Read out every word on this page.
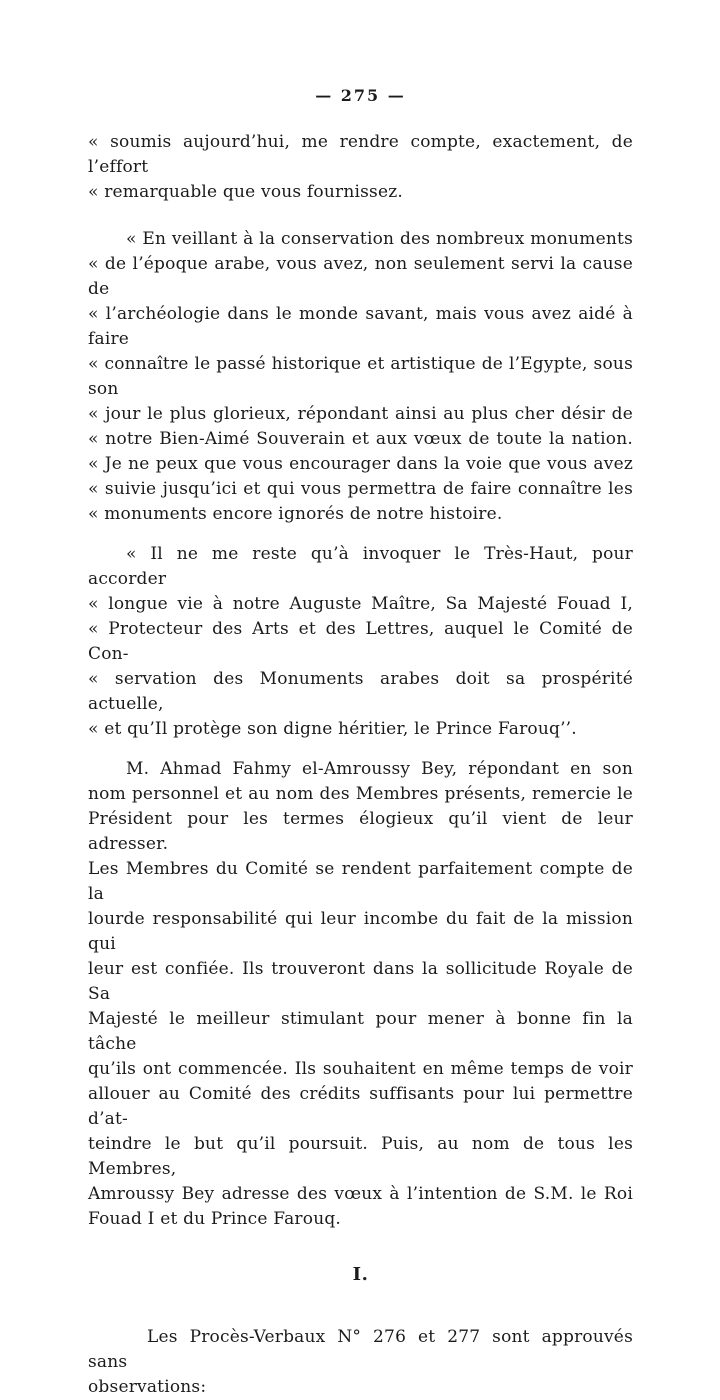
— 275 —
« soumis aujourd’hui, me rendre compte, exactement, de l’effort
« remarquable que vous fournissez.
« En veillant à la conservation des nombreux monuments
« de l’époque arabe, vous avez, non seulement servi la cause de
« l’archéologie dans le monde savant, mais vous avez aidé à faire
« connaître le passé historique et artistique de l’Egypte, sous son
« jour le plus glorieux, répondant ainsi au plus cher désir de
« notre Bien-Aimé Souverain et aux vœux de toute la nation.
« Je ne peux que vous encourager dans la voie que vous avez
« suivie jusqu’ici et qui vous permettra de faire connaître les
« monuments encore ignorés de notre histoire.
« Il ne me reste qu’à invoquer le Très-Haut, pour accorder
« longue vie à notre Auguste Maître, Sa Majesté Fouad I,
« Protecteur des Arts et des Lettres, auquel le Comité de Con-
« servation des Monuments arabes doit sa prospérité actuelle,
« et qu’Il protège son digne héritier, le Prince Farouq’’.
M. Ahmad Fahmy el-Amroussy Bey, répondant en son
nom personnel et au nom des Membres présents, remercie le
Président pour les termes élogieux qu’il vient de leur adresser.
Les Membres du Comité se rendent parfaitement compte de la
lourde responsabilité qui leur incombe du fait de la mission qui
leur est confiée. Ils trouveront dans la sollicitude Royale de Sa
Majesté le meilleur stimulant pour mener à bonne fin la tâche
qu’ils ont commencée. Ils souhaitent en même temps de voir
allouer au Comité des crédits suffisants pour lui permettre d’at-
teindre le but qu’il poursuit. Puis, au nom de tous les Membres,
Amroussy Bey adresse des vœux à l’intention de S.M. le Roi
Fouad I et du Prince Farouq.
I.
Les Procès-Verbaux N° 276 et 277 sont approuvés sans
observations:
